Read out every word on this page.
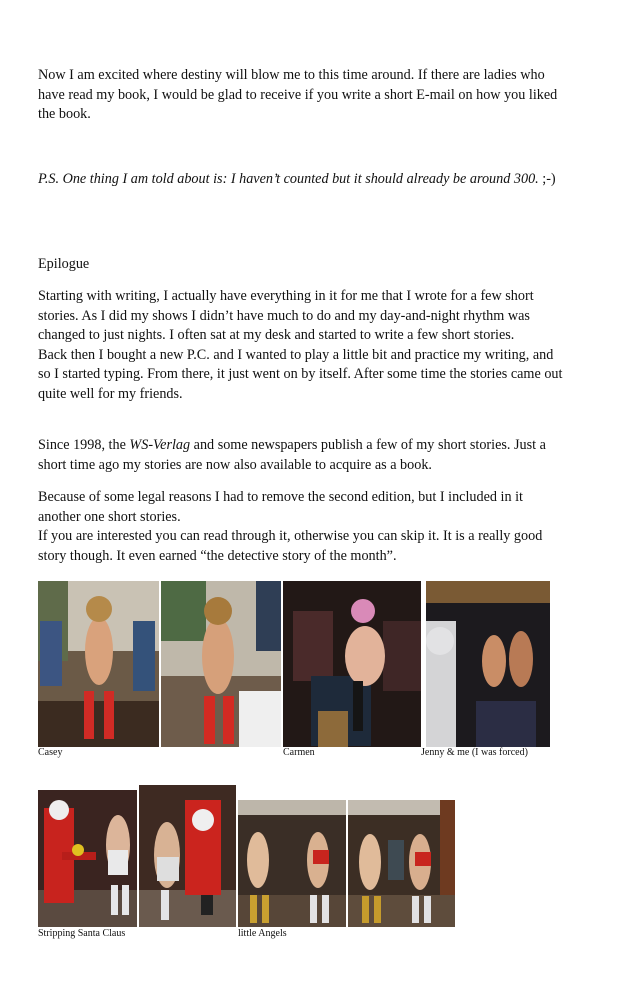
Now I am excited where destiny will blow me to this time around. If there are ladies who have read my book, I would be glad to receive if you write a short E-mail on how you liked the book.

P.S. One thing I am told about is: I haven’t counted but it should already be around 300. ;-)

Epilogue

Starting with writing, I actually have everything in it for me that I wrote for a few short stories. As I did my shows I didn’t have much to do and my day-and-night rhythm was changed to just nights. I often sat at my desk and started to write a few short stories.
Back then I bought a new P.C. and I wanted to play a little bit and practice my writing, and so I started typing. From there, it just went on by itself. After some time the stories came out quite well for my friends.

Since 1998, the WS-Verlag and some newspapers publish a few of my short stories. Just a short time ago my stories are now also available to acquire as a book.

Because of some legal reasons I had to remove the second edition, but I included in it another one short stories.
If you are interested you can read through it, otherwise you can skip it. It is a really good story though. It even earned “the detective story of the month”.
Casey	Carmen	Jenny & me (I was forced)
Stripping Santa Claus	little Angels
